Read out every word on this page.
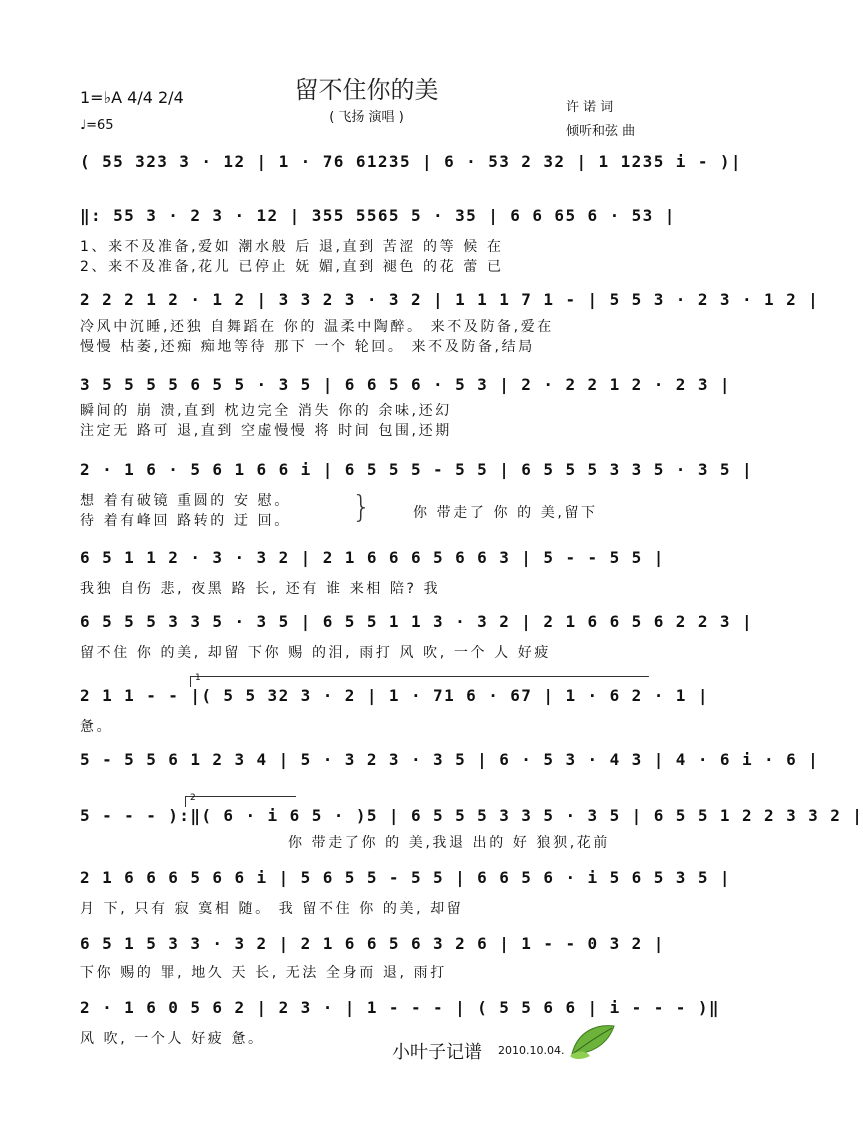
留不住你的美
( 飞扬 演唱 )
1=♭A 4/4 2/4
♩=65
许 诺 词
倾听和弦 曲
( 55 323 3 · 12 | 1 · 76 61235 | 6 · 53 2 32 | 1 1235 i - )|
‖: 55 3 · 2 3 · 12 | 355 5565 5 · 35 | 6 6 65 6 · 53 |
1、来不及准备,爱如 潮水般 后 退,直到 苦涩 的等 候 在
2、来不及准备,花儿 已停止 妩 媚,直到 褪色 的花 蕾 已
2 2 2 1 2 · 1 2 | 3 3 2 3 · 3 2 | 1 1 1 7 1 - | 5 5 3 · 2 3 · 1 2 |
冷风中沉睡,还独 自舞蹈在 你的 温柔中陶醉。 来不及防备,爱在
慢慢 枯萎,还痴 痴地等待 那下 一个 轮回。 来不及防备,结局
3 5 5 5 5 6 5 5 · 3 5 | 6 6 5 6 · 5 3 | 2 · 2 2 1 2 · 2 3 |
瞬间的 崩 溃,直到 枕边完全 消失 你的 余味,还幻
注定无 路可 退,直到 空虚慢慢 将 时间 包围,还期
2 · 1 6 · 5 6 1 6 6 i | 6 5 5 5 - 5 5 | 6 5 5 5 3 3 5 · 3 5 |
想 着有破镜 重圆的 安 慰。
待 着有峰回 路转的 迂 回。 }	你 带走了 你 的 美,留下
6 5 1 1 2 · 3 · 3 2 | 2 1 6 6 6 5 6 6 3 | 5 - - 5 5 |
我独 自伤 悲, 夜黑 路 长, 还有 谁 来相 陪? 我
6 5 5 5 3 3 5 · 3 5 | 6 5 5 1 1 3 · 3 2 | 2 1 6 6 5 6 2 2 3 |
留不住 你 的美, 却留 下你 赐 的泪, 雨打 风 吹, 一个 人 好疲
1
2 1 1 - - |( 5 5 32 3 · 2 | 1 · 71 6 · 67 | 1 · 6 2 · 1 |
惫。
5 - 5 5 6 1 2 3 4 | 5 · 3 2 3 · 3 5 | 6 · 5 3 · 4 3 | 4 · 6 i · 6 |
2
5 - - - ):‖( 6 · i 6 5 · )5 | 6 5 5 5 3 3 5 · 3 5 | 6 5 5 1 2 2 3 3 2 |
你 带走了你 的 美,我退 出的 好 狼狈,花前
2 1 6 6 6 5 6 6 i | 5 6 5 5 - 5 5 | 6 6 5 6 · i 5 6 5 3 5 |
月 下, 只有 寂 寞相 随。 我 留不住 你 的美, 却留
6 5 1 5 3 3 · 3 2 | 2 1 6 6 5 6 3 2 6 | 1 - - 0 3 2 |
下你 赐的 罪, 地久 天 长, 无法 全身而 退, 雨打
2 · 1 6 0 5 6 2 | 2 3 · | 1 - - - | ( 5 5 6 6 | i - - - )‖
风 吹, 一个人 好疲 惫。
小叶子记谱 2010.10.04.
